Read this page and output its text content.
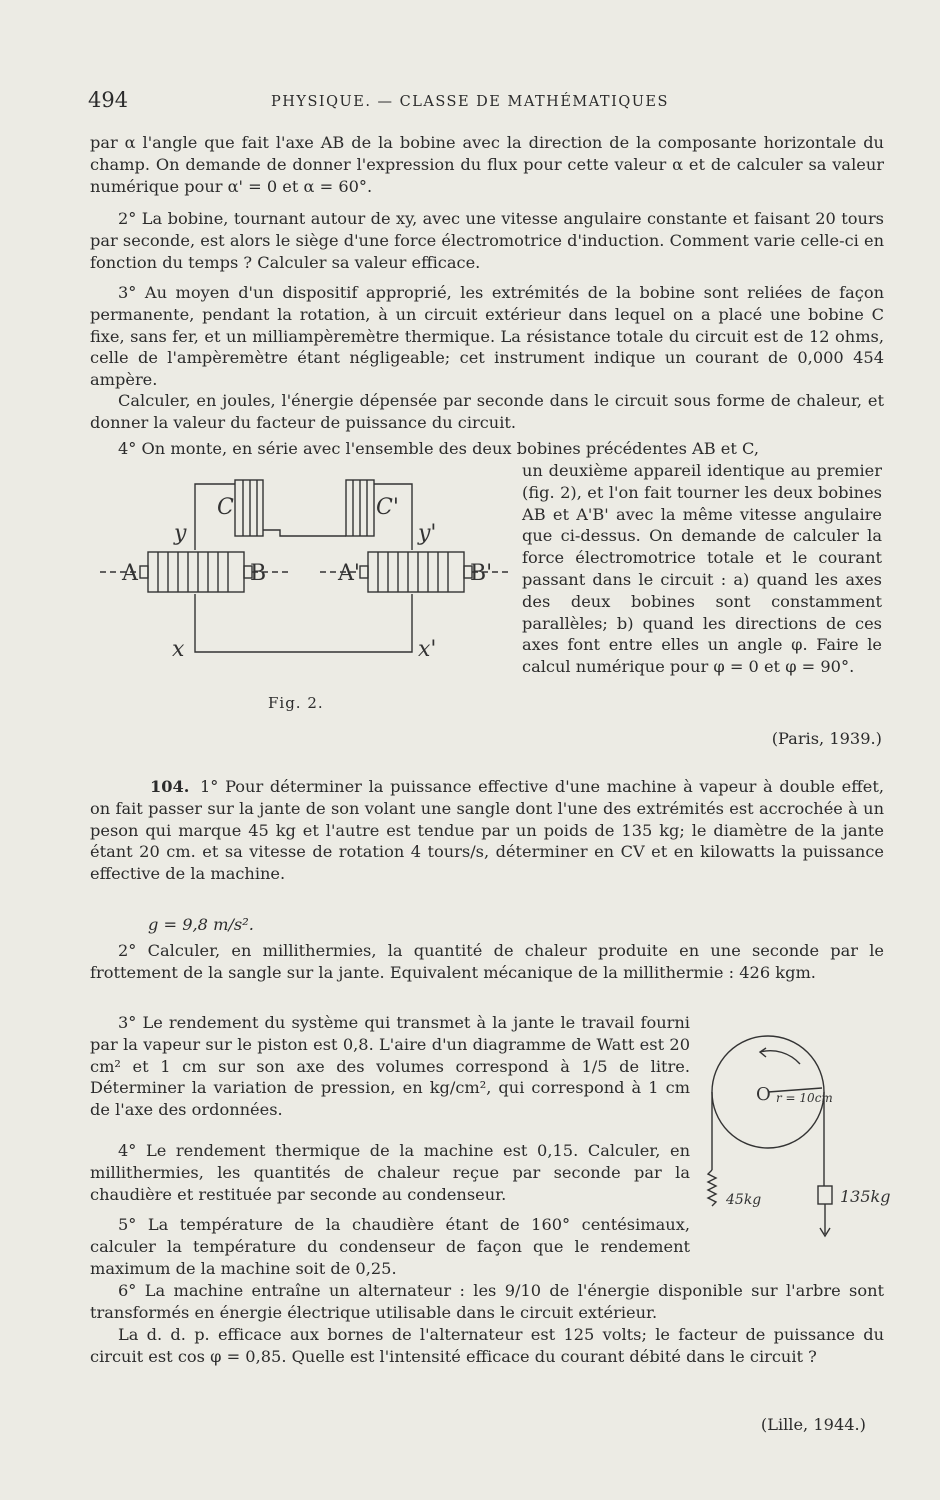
494	PHYSIQUE. — CLASSE DE MATHÉMATIQUES

par α l'angle que fait l'axe AB de la bobine avec la direction de la composante horizontale du champ. On demande de donner l'expression du flux pour cette valeur α et de calculer sa valeur numérique pour α' = 0 et α = 60°.

2° La bobine, tournant autour de xy, avec une vitesse angulaire constante et faisant 20 tours par seconde, est alors le siège d'une force électromotrice d'induction. Comment varie celle-ci en fonction du temps ? Calculer sa valeur efficace.

3° Au moyen d'un dispositif approprié, les extrémités de la bobine sont reliées de façon permanente, pendant la rotation, à un circuit extérieur dans lequel on a placé une bobine C fixe, sans fer, et un milliampèremètre thermique. La résistance totale du circuit est de 12 ohms, celle de l'ampèremètre étant négligeable; cet instrument indique un courant de 0,000 454 ampère.

Calculer, en joules, l'énergie dépensée par seconde dans le circuit sous forme de chaleur, et donner la valeur du facteur de puissance du circuit.

4° On monte, en série avec l'ensemble des deux bobines précédentes AB et C,

un deuxième appareil identique au premier (fig. 2), et l'on fait tourner les deux bobines AB et A'B' avec la même vitesse angulaire que ci-dessus. On demande de calculer la force électromotrice totale et le courant passant dans le circuit : a) quand les axes des deux bobines sont constamment parallèles; b) quand les directions de ces axes font entre elles un angle φ. Faire le calcul numérique pour φ = 0 et φ = 90°.

(Paris, 1939.)

C	C'
y	y'
A	B	A'	B'
x	x'
Fig. 2.
104. 1° Pour déterminer la puissance effective d'une machine à vapeur à double effet, on fait passer sur la jante de son volant une sangle dont l'une des extrémités est accrochée à un peson qui marque 45 kg et l'autre est tendue par un poids de 135 kg; le diamètre de la jante étant 20 cm. et sa vitesse de rotation 4 tours/s, déterminer en CV et en kilowatts la puissance effective de la machine.

g = 9,8 m/s².

2° Calculer, en millithermies, la quantité de chaleur produite en une seconde par le frottement de la sangle sur la jante. Equivalent mécanique de la millithermie : 426 kgm.

3° Le rendement du système qui transmet à la jante le travail fourni par la vapeur sur le piston est 0,8. L'aire d'un diagramme de Watt est 20 cm² et 1 cm sur son axe des volumes correspond à 1/5 de litre. Déterminer la variation de pression, en kg/cm², qui correspond à 1 cm de l'axe des ordonnées.

4° Le rendement thermique de la machine est 0,15. Calculer, en millithermies, les quantités de chaleur reçue par seconde par la chaudière et restituée par seconde au condenseur.

5° La température de la chaudière étant de 160° centésimaux, calculer la température du condenseur de façon que le rendement maximum de la machine soit de 0,25.

6° La machine entraîne un alternateur : les 9/10 de l'énergie disponible sur l'arbre sont transformés en énergie électrique utilisable dans le circuit extérieur.

La d. d. p. efficace aux bornes de l'alternateur est 125 volts; le facteur de puissance du circuit est cos φ = 0,85. Quelle est l'intensité efficace du courant débité dans le circuit ?

(Lille, 1944.)

O r = 10cm
45kg	135kg
